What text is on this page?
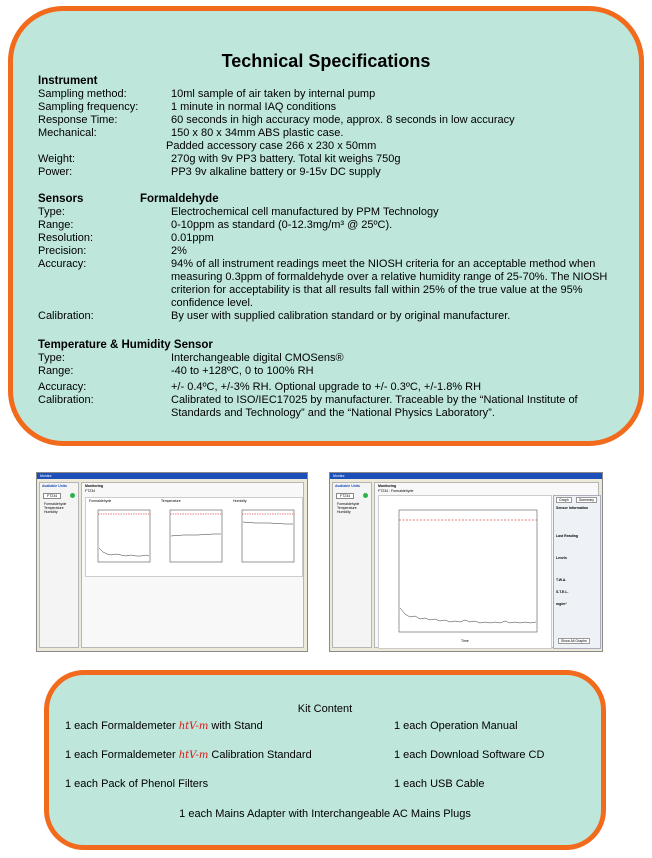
Technical Specifications
Instrument
Sampling method:	10ml sample of air taken by internal pump
Sampling frequency:	1 minute in normal IAQ conditions
Response Time:	60 seconds in high accuracy mode, approx. 8 seconds in low accuracy
Mechanical:	150 x 80 x 34mm ABS plastic case.
Padded accessory case 266 x 230 x 50mm
Weight:	270g with 9v PP3 battery. Total kit weighs 750g
Power:	PP3 9v alkaline battery or 9-15v DC supply
Sensors	Formaldehyde
Type:	Electrochemical cell manufactured by PPM Technology
Range:	0-10ppm as standard (0-12.3mg/m³ @ 25ºC).
Resolution:	0.01ppm
Precision:	2%
Accuracy:	94% of all instrument readings meet the NIOSH criteria for an acceptable method when measuring 0.3ppm of formaldehyde over a relative humidity range of 25-70%. The NIOSH criterion for acceptability is that all results fall within 25% of the true value at the 95% confidence level.
Calibration:	By user with supplied calibration standard or by original manufacturer.
Temperature & Humidity Sensor
Type:	Interchangeable digital CMOSens®
Range:	-40 to +128ºC, 0 to 100% RH
Accuracy:	+/- 0.4ºC, +/-3% RH. Optional upgrade to +/- 0.3ºC, +/-1.8% RH
Calibration:	Calibrated to ISO/IEC17025 by manufacturer. Traceable by the “National Institute of Standards and Technology” and the “National Physics Laboratory”.
Monitor
Available Units
FT234
Formaldehyde
Temperature
Humidity
Monitoring
FT234
Formaldehyde	Temperature	Humidity
Monitor
Available Units
FT234
Formaldehyde
Temperature
Humidity
Monitoring
FT234 : Formaldehyde
Time
Graph	Summary
Sensor Information
Last Reading
Levels
T.W.A.
S.T.E.L.
mg/m³
Show All Graphs
Kit Content
1 each Formaldemeter htV-m with Stand	1 each Operation Manual
1 each Formaldemeter htV-m Calibration Standard	1 each Download Software CD
1 each Pack of Phenol Filters	1 each USB Cable
1 each Mains Adapter with Interchangeable AC Mains Plugs
